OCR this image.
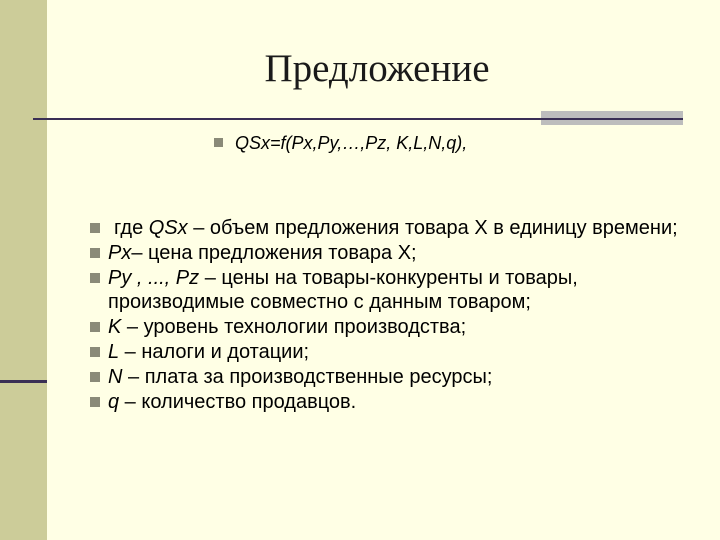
Предложение
QSx=f(Px,Py,…,Pz, K,L,N,q),
где QSx – объем предложения товара X в единицу времени;
Px– цена предложения товара X;
Py , ..., Pz – цены на товары-конкуренты и товары, производимые совместно с данным товаром;
K – уровень технологии производства;
L – налоги и дотации;
N – плата за производственные ресурсы;
q – количество продавцов.
